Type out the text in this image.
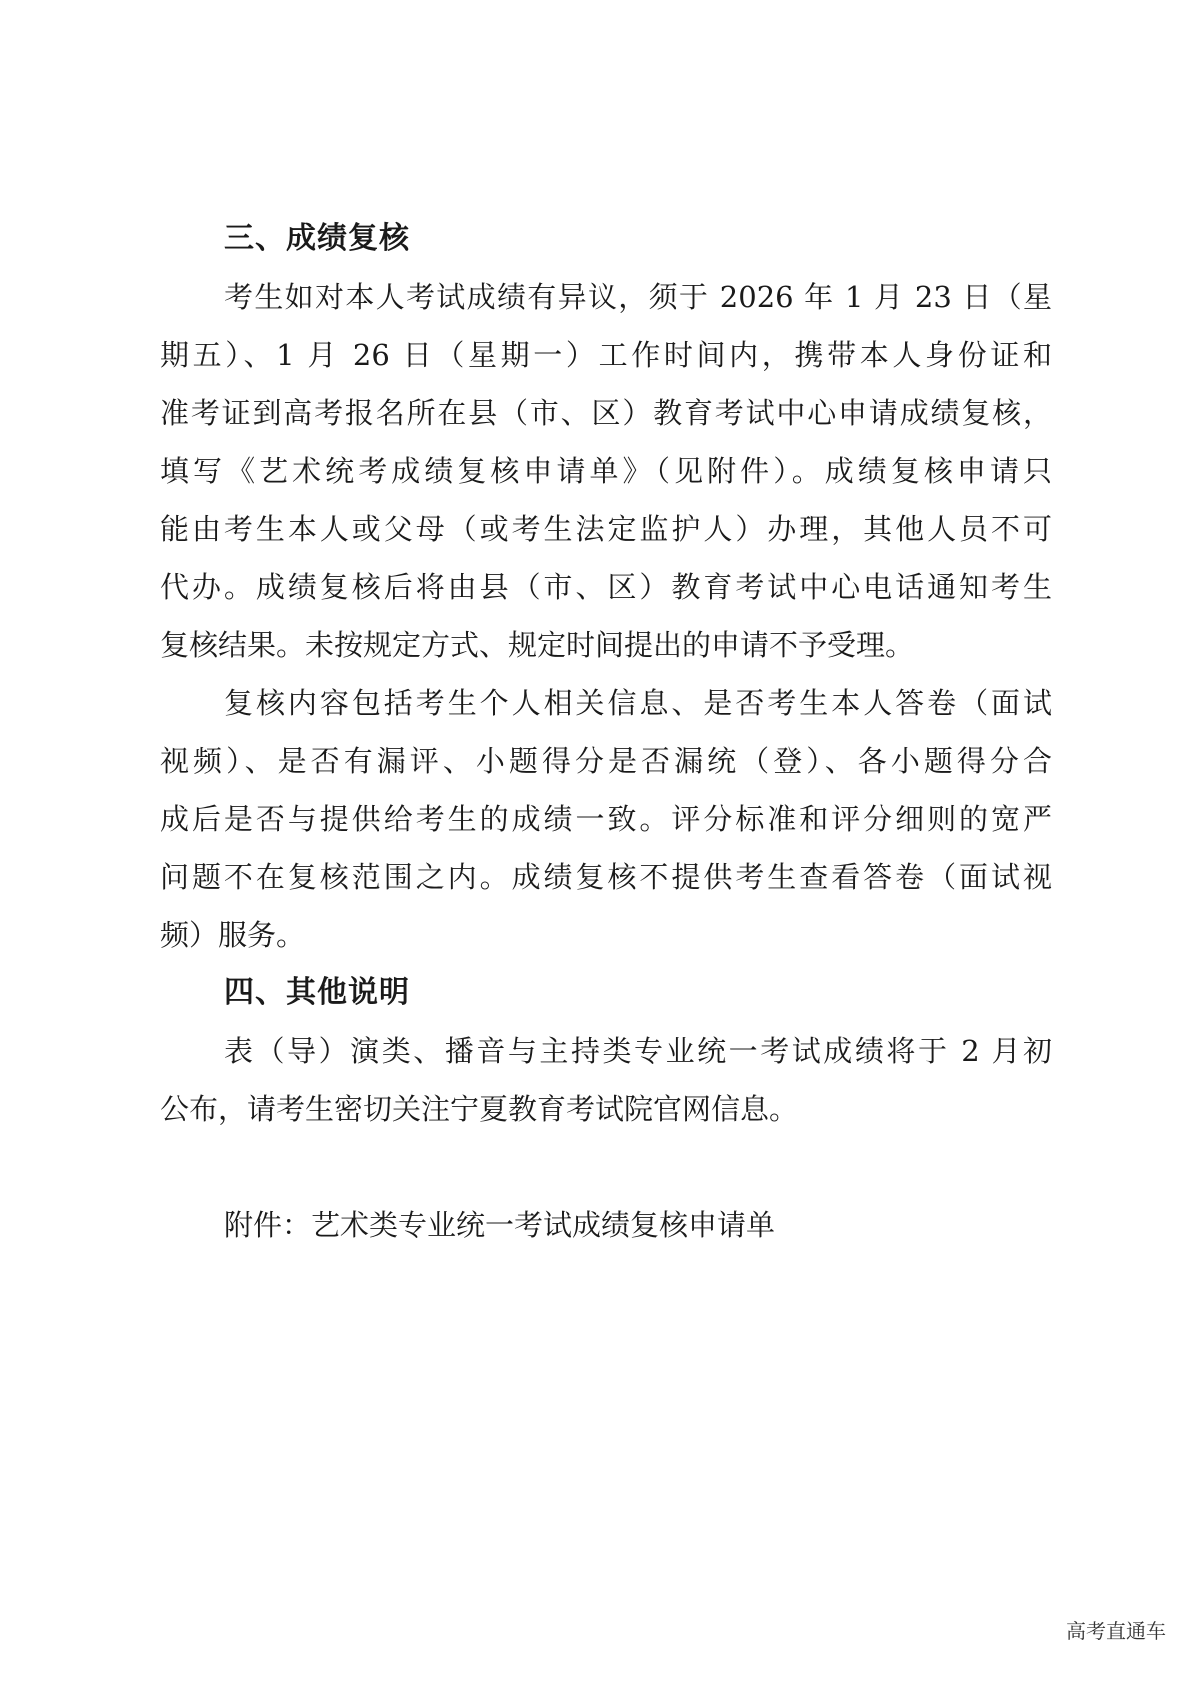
三、成绩复核
考生如对本人考试成绩有异议，须于 2026 年 1 月 23 日（星
期五）、1 月 26 日（星期一）工作时间内，携带本人身份证和
准考证到高考报名所在县（市、区）教育考试中心申请成绩复核，
填写《艺术统考成绩复核申请单》（见附件）。成绩复核申请只
能由考生本人或父母（或考生法定监护人）办理，其他人员不可
代办。成绩复核后将由县（市、区）教育考试中心电话通知考生
复核结果。未按规定方式、规定时间提出的申请不予受理。
复核内容包括考生个人相关信息、是否考生本人答卷（面试
视频）、是否有漏评、小题得分是否漏统（登）、各小题得分合
成后是否与提供给考生的成绩一致。评分标准和评分细则的宽严
问题不在复核范围之内。成绩复核不提供考生查看答卷（面试视
频）服务。
四、其他说明
表（导）演类、播音与主持类专业统一考试成绩将于 2 月初
公布，请考生密切关注宁夏教育考试院官网信息。

附件：艺术类专业统一考试成绩复核申请单

高考直通车
